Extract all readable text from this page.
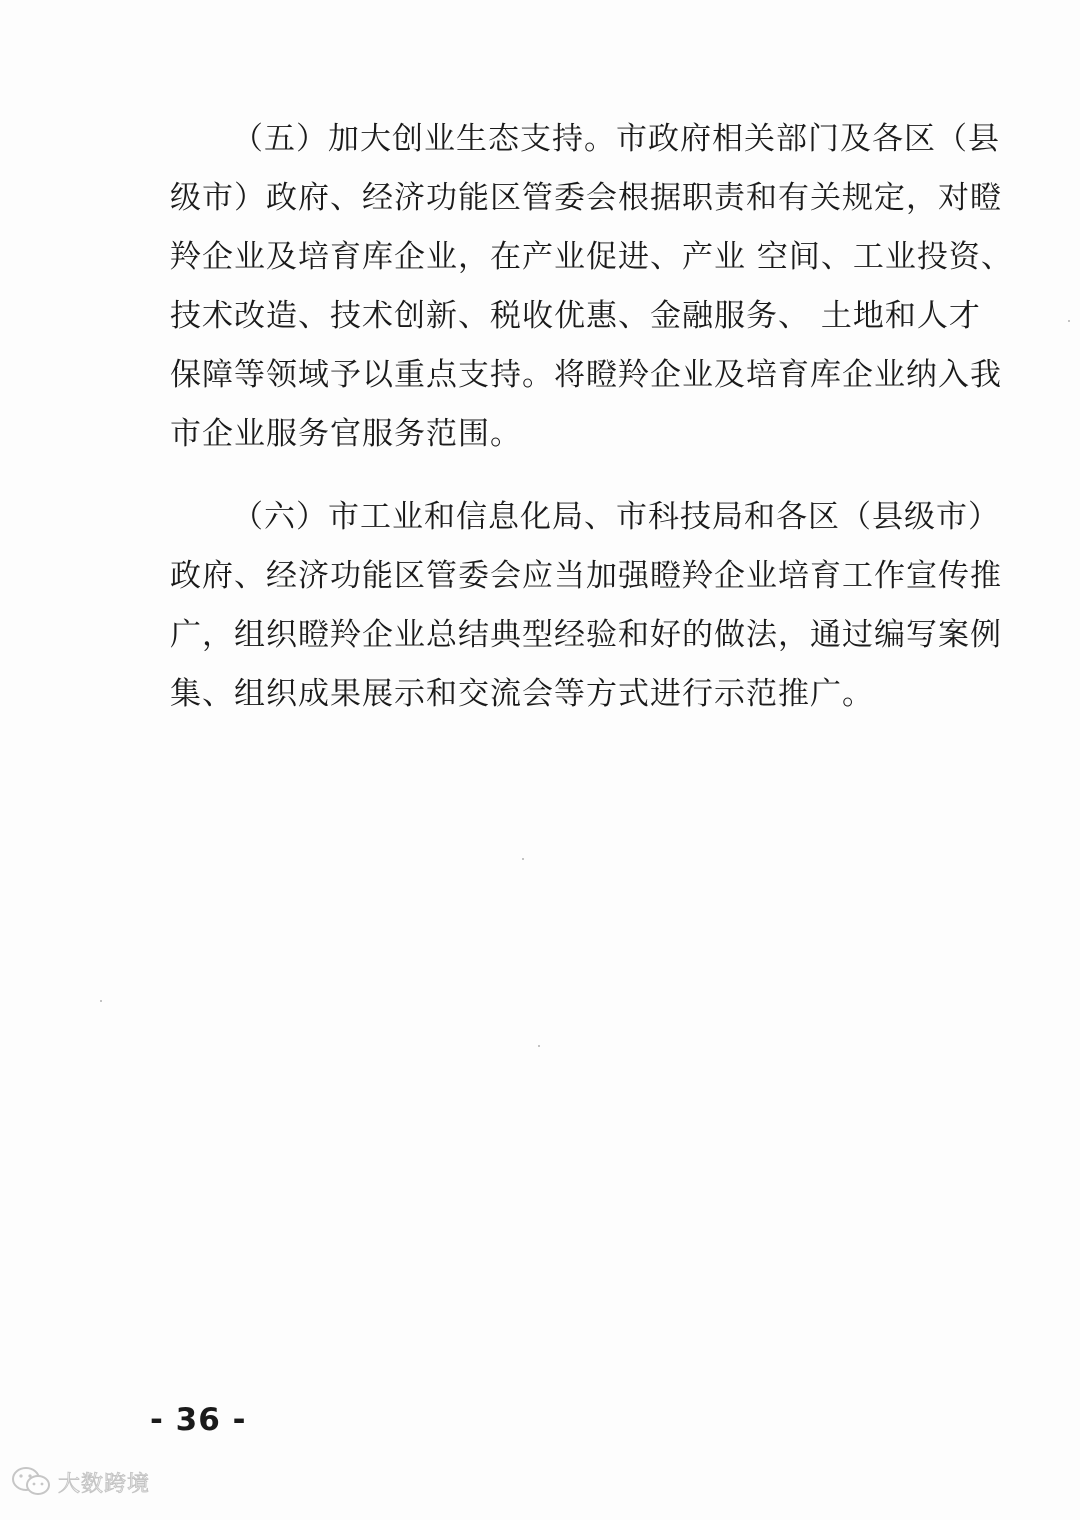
（五）加大创业生态支持。市政府相关部门及各区（县
级市）政府、经济功能区管委会根据职责和有关规定，对瞪
羚企业及培育库企业，在产业促进、产业 空间、工业投资、
技术改造、技术创新、税收优惠、金融服务、 土地和人才
保障等领域予以重点支持。将瞪羚企业及培育库企业纳入我
市企业服务官服务范围。
（六）市工业和信息化局、市科技局和各区（县级市）
政府、经济功能区管委会应当加强瞪羚企业培育工作宣传推
广，组织瞪羚企业总结典型经验和好的做法，通过编写案例
集、组织成果展示和交流会等方式进行示范推广。
- 36 -
大数跨境
